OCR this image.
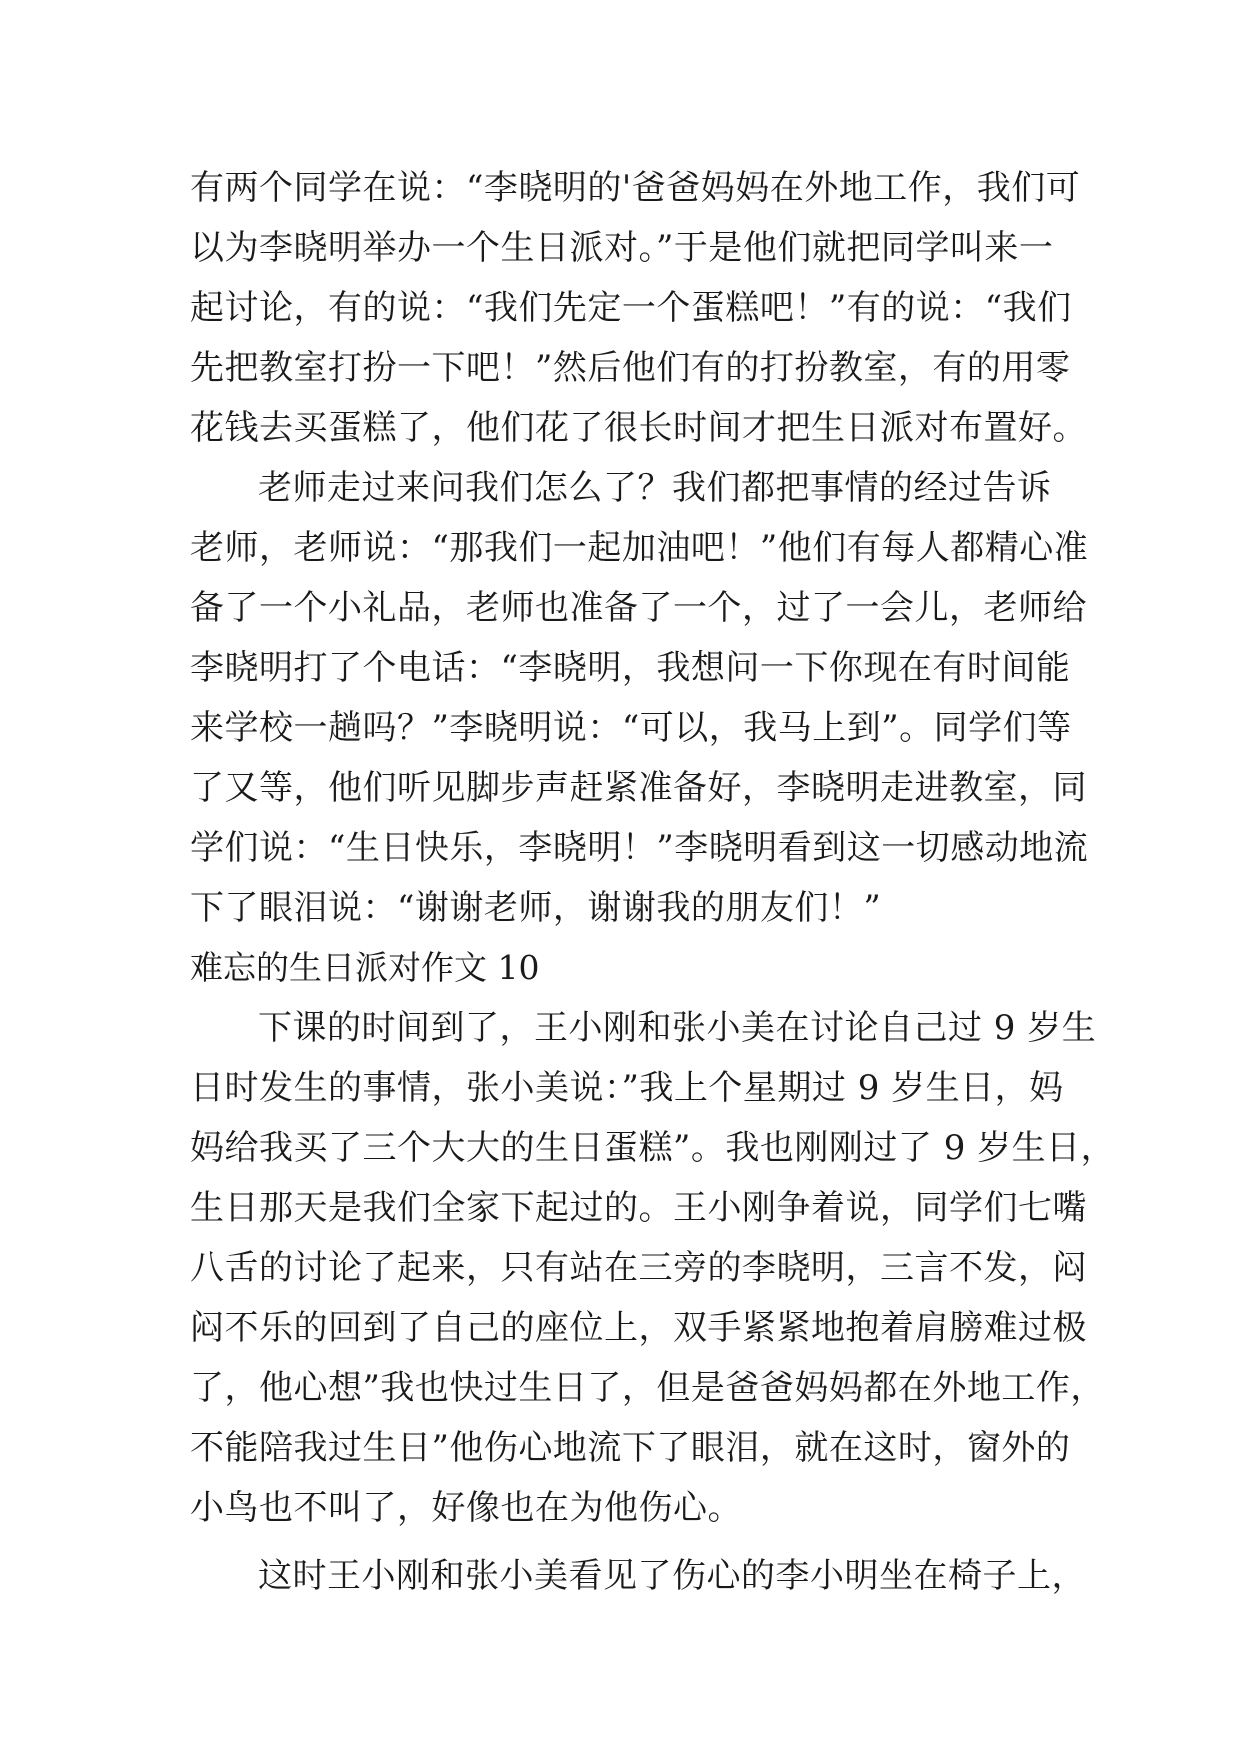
有两个同学在说：“李晓明的'爸爸妈妈在外地工作，我们可
以为李晓明举办一个生日派对。”于是他们就把同学叫来一
起讨论，有的说：“我们先定一个蛋糕吧！”有的说：“我们
先把教室打扮一下吧！”然后他们有的打扮教室，有的用零
花钱去买蛋糕了，他们花了很长时间才把生日派对布置好。
老师走过来问我们怎么了？我们都把事情的经过告诉
老师，老师说：“那我们一起加油吧！”他们有每人都精心准
备了一个小礼品，老师也准备了一个，过了一会儿，老师给
李晓明打了个电话：“李晓明，我想问一下你现在有时间能
来学校一趟吗？”李晓明说：“可以，我马上到”。同学们等
了又等，他们听见脚步声赶紧准备好，李晓明走进教室，同
学们说：“生日快乐，李晓明！”李晓明看到这一切感动地流
下了眼泪说：“谢谢老师，谢谢我的朋友们！”
难忘的生日派对作文 10
下课的时间到了，王小刚和张小美在讨论自己过 9 岁生
日时发生的事情，张小美说：”我上个星期过 9 岁生日，妈
妈给我买了三个大大的生日蛋糕”。我也刚刚过了 9 岁生日，
生日那天是我们全家下起过的。王小刚争着说，同学们七嘴
八舌的讨论了起来，只有站在三旁的李晓明，三言不发，闷
闷不乐的回到了自己的座位上，双手紧紧地抱着肩膀难过极
了，他心想”我也快过生日了，但是爸爸妈妈都在外地工作，
不能陪我过生日”他伤心地流下了眼泪，就在这时，窗外的
小鸟也不叫了，好像也在为他伤心。
这时王小刚和张小美看见了伤心的李小明坐在椅子上，
